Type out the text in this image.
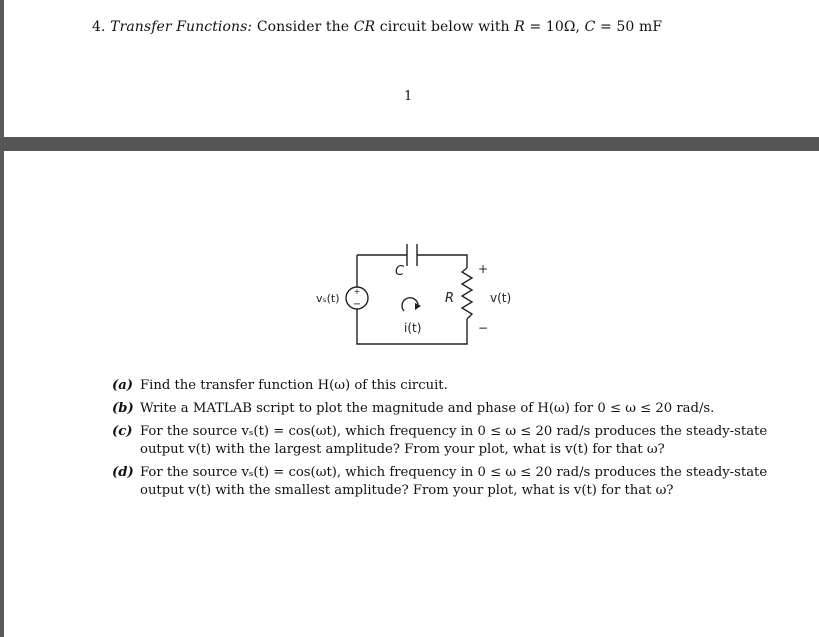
4. Transfer Functions: Consider the CR circuit below with R = 10Ω, C = 50 mF
1
+
−
C
R
vₛ(t)
i(t)
v(t)
+
−
(a) Find the transfer function H(ω) of this circuit.
(b) Write a MATLAB script to plot the magnitude and phase of H(ω) for 0 ≤ ω ≤ 20 rad/s.
(c) For the source vₛ(t) = cos(ωt), which frequency in 0 ≤ ω ≤ 20 rad/s produces the steady-state
output v(t) with the largest amplitude? From your plot, what is v(t) for that ω?
(d) For the source vₛ(t) = cos(ωt), which frequency in 0 ≤ ω ≤ 20 rad/s produces the steady-state
output v(t) with the smallest amplitude? From your plot, what is v(t) for that ω?
